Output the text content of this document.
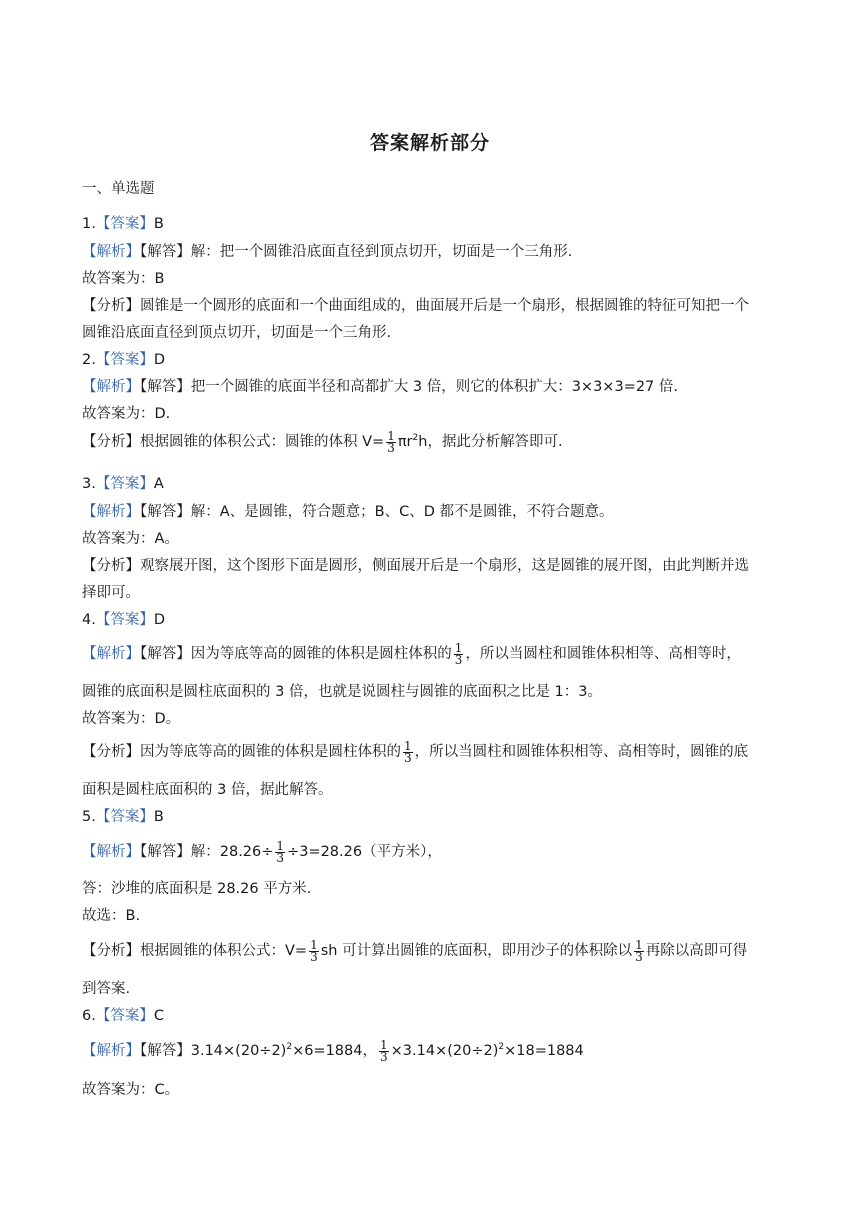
答案解析部分
一、单选题
1.【答案】B
【解析】【解答】解：把一个圆锥沿底面直径到顶点切开，切面是一个三角形.
故答案为：B
【分析】圆锥是一个圆形的底面和一个曲面组成的，曲面展开后是一个扇形，根据圆锥的特征可知把一个
圆锥沿底面直径到顶点切开，切面是一个三角形.
2.【答案】D
【解析】【解答】把一个圆锥的底面半径和高都扩大 3 倍，则它的体积扩大：3×3×3=27 倍.
故答案为：D.
【分析】根据圆锥的体积公式：圆锥的体积 $V= \frac{1}{3} \pi r^2h$，据此分析解答即可.
3.【答案】A
【解析】【解答】解：A、是圆锥，符合题意；B、C、D 都不是圆锥，不符合题意。
故答案为：A。
【分析】观察展开图，这个图形下面是圆形，侧面展开后是一个扇形，这是圆锥的展开图，由此判断并选
择即可。
4.【答案】D
【解析】【解答】因为等底等高的圆锥的体积是圆柱体积的 $\frac{1}{3}$ ，所以当圆柱和圆锥体积相等、高相等时，
圆锥的底面积是圆柱底面积的 3 倍，也就是说圆柱与圆锥的底面积之比是 1：3。
故答案为：D。
【分析】因为等底等高的圆锥的体积是圆柱体积的 $\frac{1}{3}$ ，所以当圆柱和圆锥体积相等、高相等时，圆锥的底
面积是圆柱底面积的 3 倍，据此解答。
5.【答案】B
【解析】【解答】解：$28.26\div \frac{1}{3} \div 3=28.26$（平方米），
答：沙堆的底面积是 28.26 平方米.
故选：B.
【分析】根据圆锥的体积公式：$V= \frac{1}{3}$ sh 可计算出圆锥的底面积，即用沙子的体积除以 $\frac{1}{3}$ 再除以高即可得
到答案.
6.【答案】C
【解析】【解答】$3.14\times(20\div 2)^2\times 6=1884$， $\frac{1}{3} \times 3.14\times(20\div 2)^2\times 18=1884$
故答案为：C。
